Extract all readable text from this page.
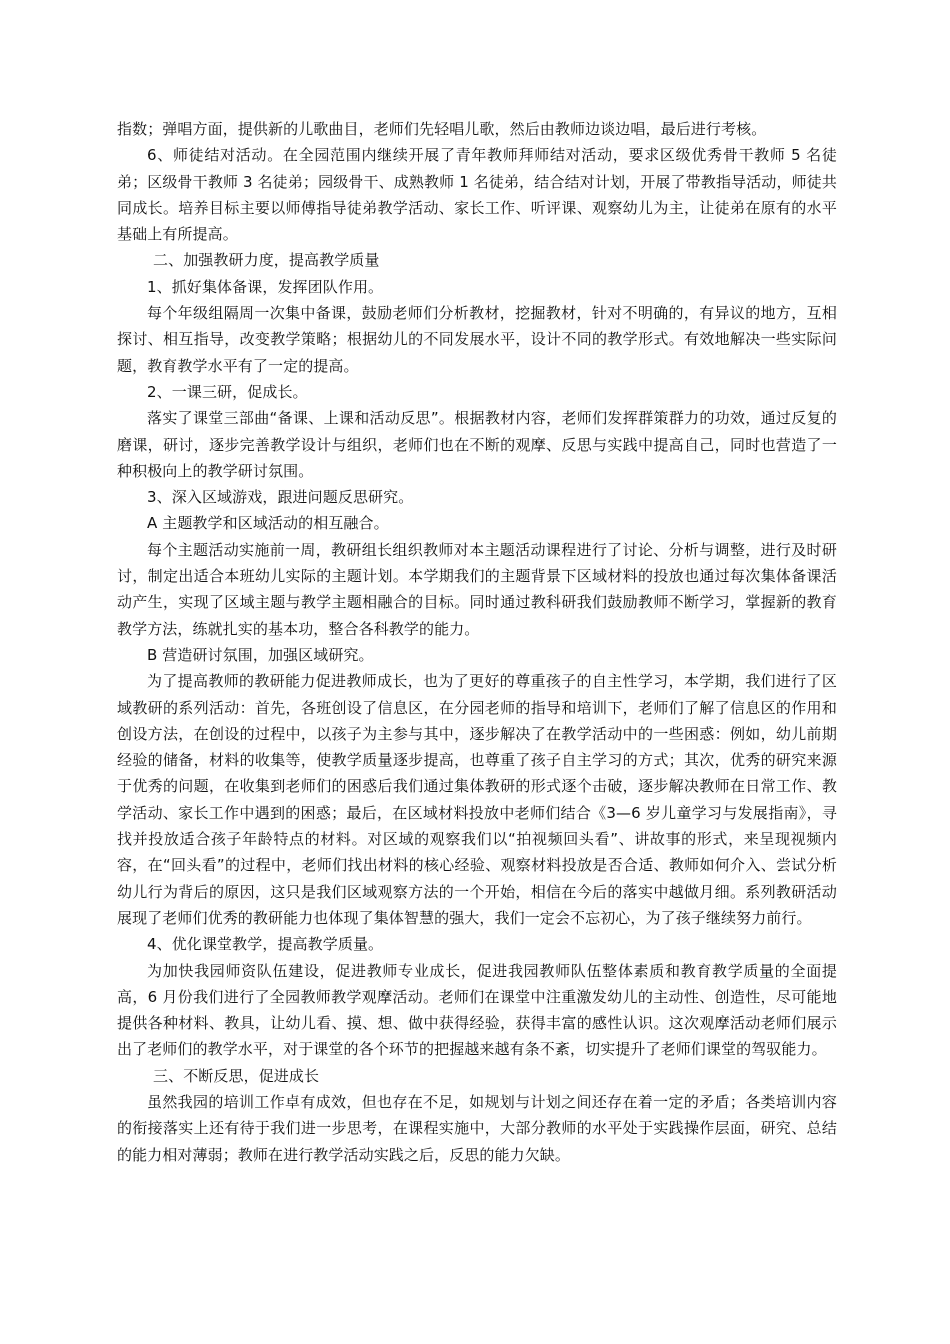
指数；弹唱方面，提供新的儿歌曲目，老师们先轻唱儿歌，然后由教师边谈边唱，最后进行考核。

6、师徒结对活动。在全园范围内继续开展了青年教师拜师结对活动，要求区级优秀骨干教师 5 名徒弟；区级骨干教师 3 名徒弟；园级骨干、成熟教师 1 名徒弟，结合结对计划，开展了带教指导活动，师徒共同成长。培养目标主要以师傅指导徒弟教学活动、家长工作、听评课、观察幼儿为主，让徒弟在原有的水平基础上有所提高。

二、加强教研力度，提高教学质量

1、抓好集体备课，发挥团队作用。

每个年级组隔周一次集中备课，鼓励老师们分析教材，挖掘教材，针对不明确的，有异议的地方，互相探讨、相互指导，改变教学策略；根据幼儿的不同发展水平，设计不同的教学形式。有效地解决一些实际问题，教育教学水平有了一定的提高。

2、一课三研，促成长。

落实了课堂三部曲“备课、上课和活动反思”。根据教材内容，老师们发挥群策群力的功效，通过反复的磨课，研讨，逐步完善教学设计与组织，老师们也在不断的观摩、反思与实践中提高自己，同时也营造了一种积极向上的教学研讨氛围。

3、深入区域游戏，跟进问题反思研究。

A 主题教学和区域活动的相互融合。

每个主题活动实施前一周，教研组长组织教师对本主题活动课程进行了讨论、分析与调整，进行及时研讨，制定出适合本班幼儿实际的主题计划。本学期我们的主题背景下区域材料的投放也通过每次集体备课活动产生，实现了区域主题与教学主题相融合的目标。同时通过教科研我们鼓励教师不断学习，掌握新的教育教学方法，练就扎实的基本功，整合各科教学的能力。

B 营造研讨氛围，加强区域研究。

为了提高教师的教研能力促进教师成长，也为了更好的尊重孩子的自主性学习，本学期，我们进行了区域教研的系列活动：首先，各班创设了信息区，在分园老师的指导和培训下，老师们了解了信息区的作用和创设方法，在创设的过程中，以孩子为主参与其中，逐步解决了在教学活动中的一些困惑：例如，幼儿前期经验的储备，材料的收集等，使教学质量逐步提高，也尊重了孩子自主学习的方式；其次，优秀的研究来源于优秀的问题，在收集到老师们的困惑后我们通过集体教研的形式逐个击破，逐步解决教师在日常工作、教学活动、家长工作中遇到的困惑；最后，在区域材料投放中老师们结合《3—6 岁儿童学习与发展指南》，寻找并投放适合孩子年龄特点的材料。对区域的观察我们以“拍视频回头看”、讲故事的形式，来呈现视频内容，在“回头看”的过程中，老师们找出材料的核心经验、观察材料投放是否合适、教师如何介入、尝试分析幼儿行为背后的原因，这只是我们区域观察方法的一个开始，相信在今后的落实中越做月细。系列教研活动展现了老师们优秀的教研能力也体现了集体智慧的强大，我们一定会不忘初心，为了孩子继续努力前行。

4、优化课堂教学，提高教学质量。

为加快我园师资队伍建设，促进教师专业成长，促进我园教师队伍整体素质和教育教学质量的全面提高，6 月份我们进行了全园教师教学观摩活动。老师们在课堂中注重激发幼儿的主动性、创造性，尽可能地提供各种材料、教具，让幼儿看、摸、想、做中获得经验，获得丰富的感性认识。这次观摩活动老师们展示出了老师们的教学水平，对于课堂的各个环节的把握越来越有条不紊，切实提升了老师们课堂的驾驭能力。

三、不断反思，促进成长

虽然我园的培训工作卓有成效，但也存在不足，如规划与计划之间还存在着一定的矛盾；各类培训内容的衔接落实上还有待于我们进一步思考，在课程实施中，大部分教师的水平处于实践操作层面，研究、总结的能力相对薄弱；教师在进行教学活动实践之后，反思的能力欠缺。
